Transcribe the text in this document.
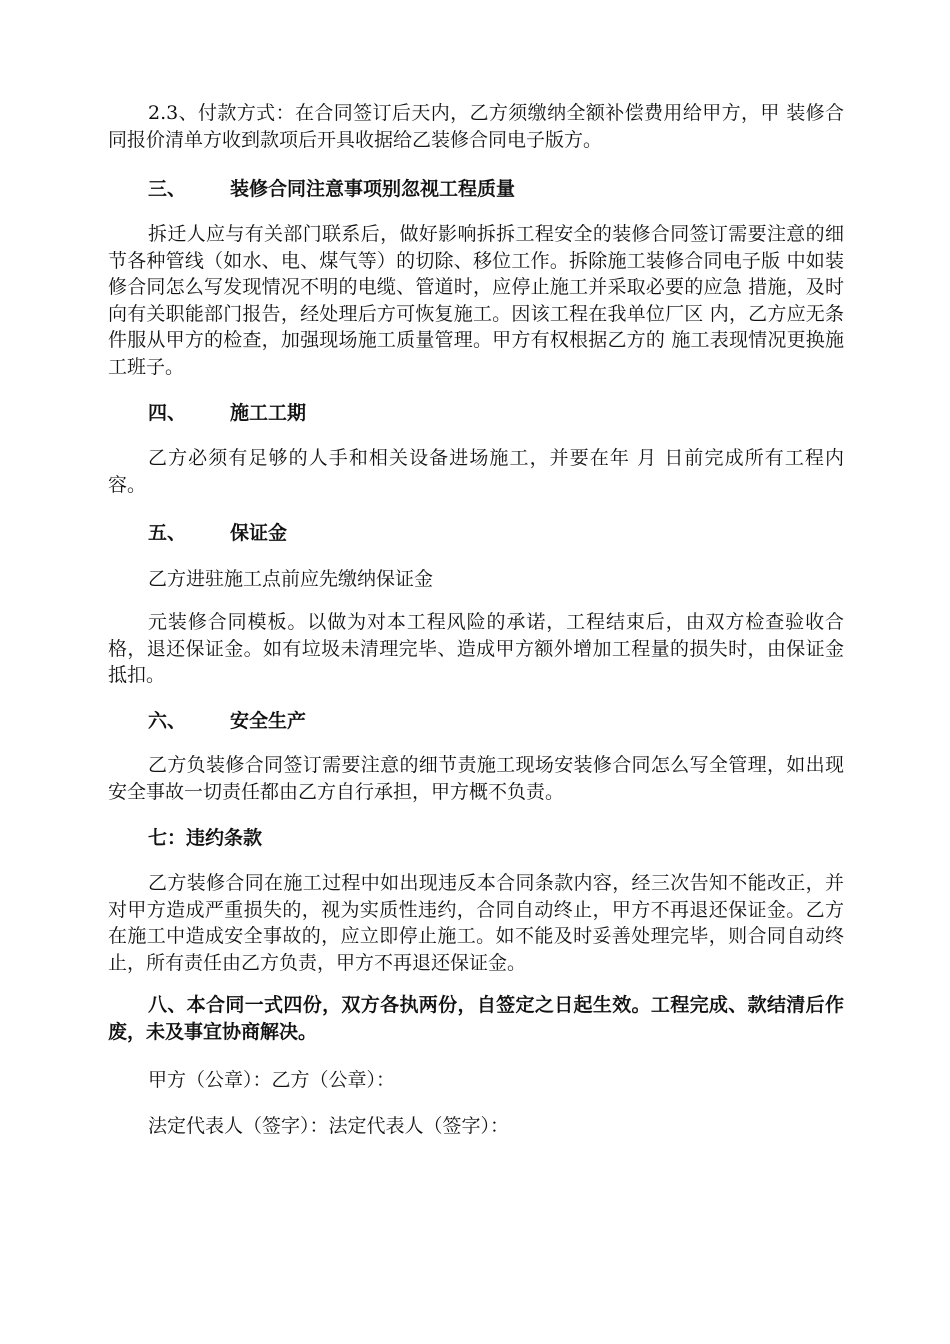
2.3、付款方式：在合同签订后天内，乙方须缴纳全额补偿费用给甲方，甲 装修合同报价清单方收到款项后开具收据给乙装修合同电子版方。

三、 装修合同注意事项别忽视工程质量

拆迁人应与有关部门联系后，做好影响拆拆工程安全的装修合同签订需要注意的细节各种管线（如水、电、煤气等）的切除、移位工作。拆除施工装修合同电子版 中如装修合同怎么写发现情况不明的电缆、管道时，应停止施工并采取必要的应急 措施，及时向有关职能部门报告，经处理后方可恢复施工。因该工程在我单位厂区 内，乙方应无条件服从甲方的检查，加强现场施工质量管理。甲方有权根据乙方的 施工表现情况更换施工班子。

四、 施工工期

乙方必须有足够的人手和相关设备进场施工，并要在年 月 日前完成所有工程内容。

五、 保证金

乙方进驻施工点前应先缴纳保证金

元装修合同模板。以做为对本工程风险的承诺，工程结束后，由双方检查验收合格，退还保证金。如有垃圾未清理完毕、造成甲方额外增加工程量的损失时，由保证金抵扣。

六、 安全生产

乙方负装修合同签订需要注意的细节责施工现场安装修合同怎么写全管理，如出现安全事故一切责任都由乙方自行承担，甲方概不负责。

七：违约条款

乙方装修合同在施工过程中如出现违反本合同条款内容，经三次告知不能改正，并对甲方造成严重损失的，视为实质性违约，合同自动终止，甲方不再退还保证金。乙方在施工中造成安全事故的，应立即停止施工。如不能及时妥善处理完毕，则合同自动终止，所有责任由乙方负责，甲方不再退还保证金。

八、本合同一式四份，双方各执两份，自签定之日起生效。工程完成、款结清后作废，未及事宜协商解决。

甲方（公章）：乙方（公章）：

法定代表人（签字）：法定代表人（签字）：
